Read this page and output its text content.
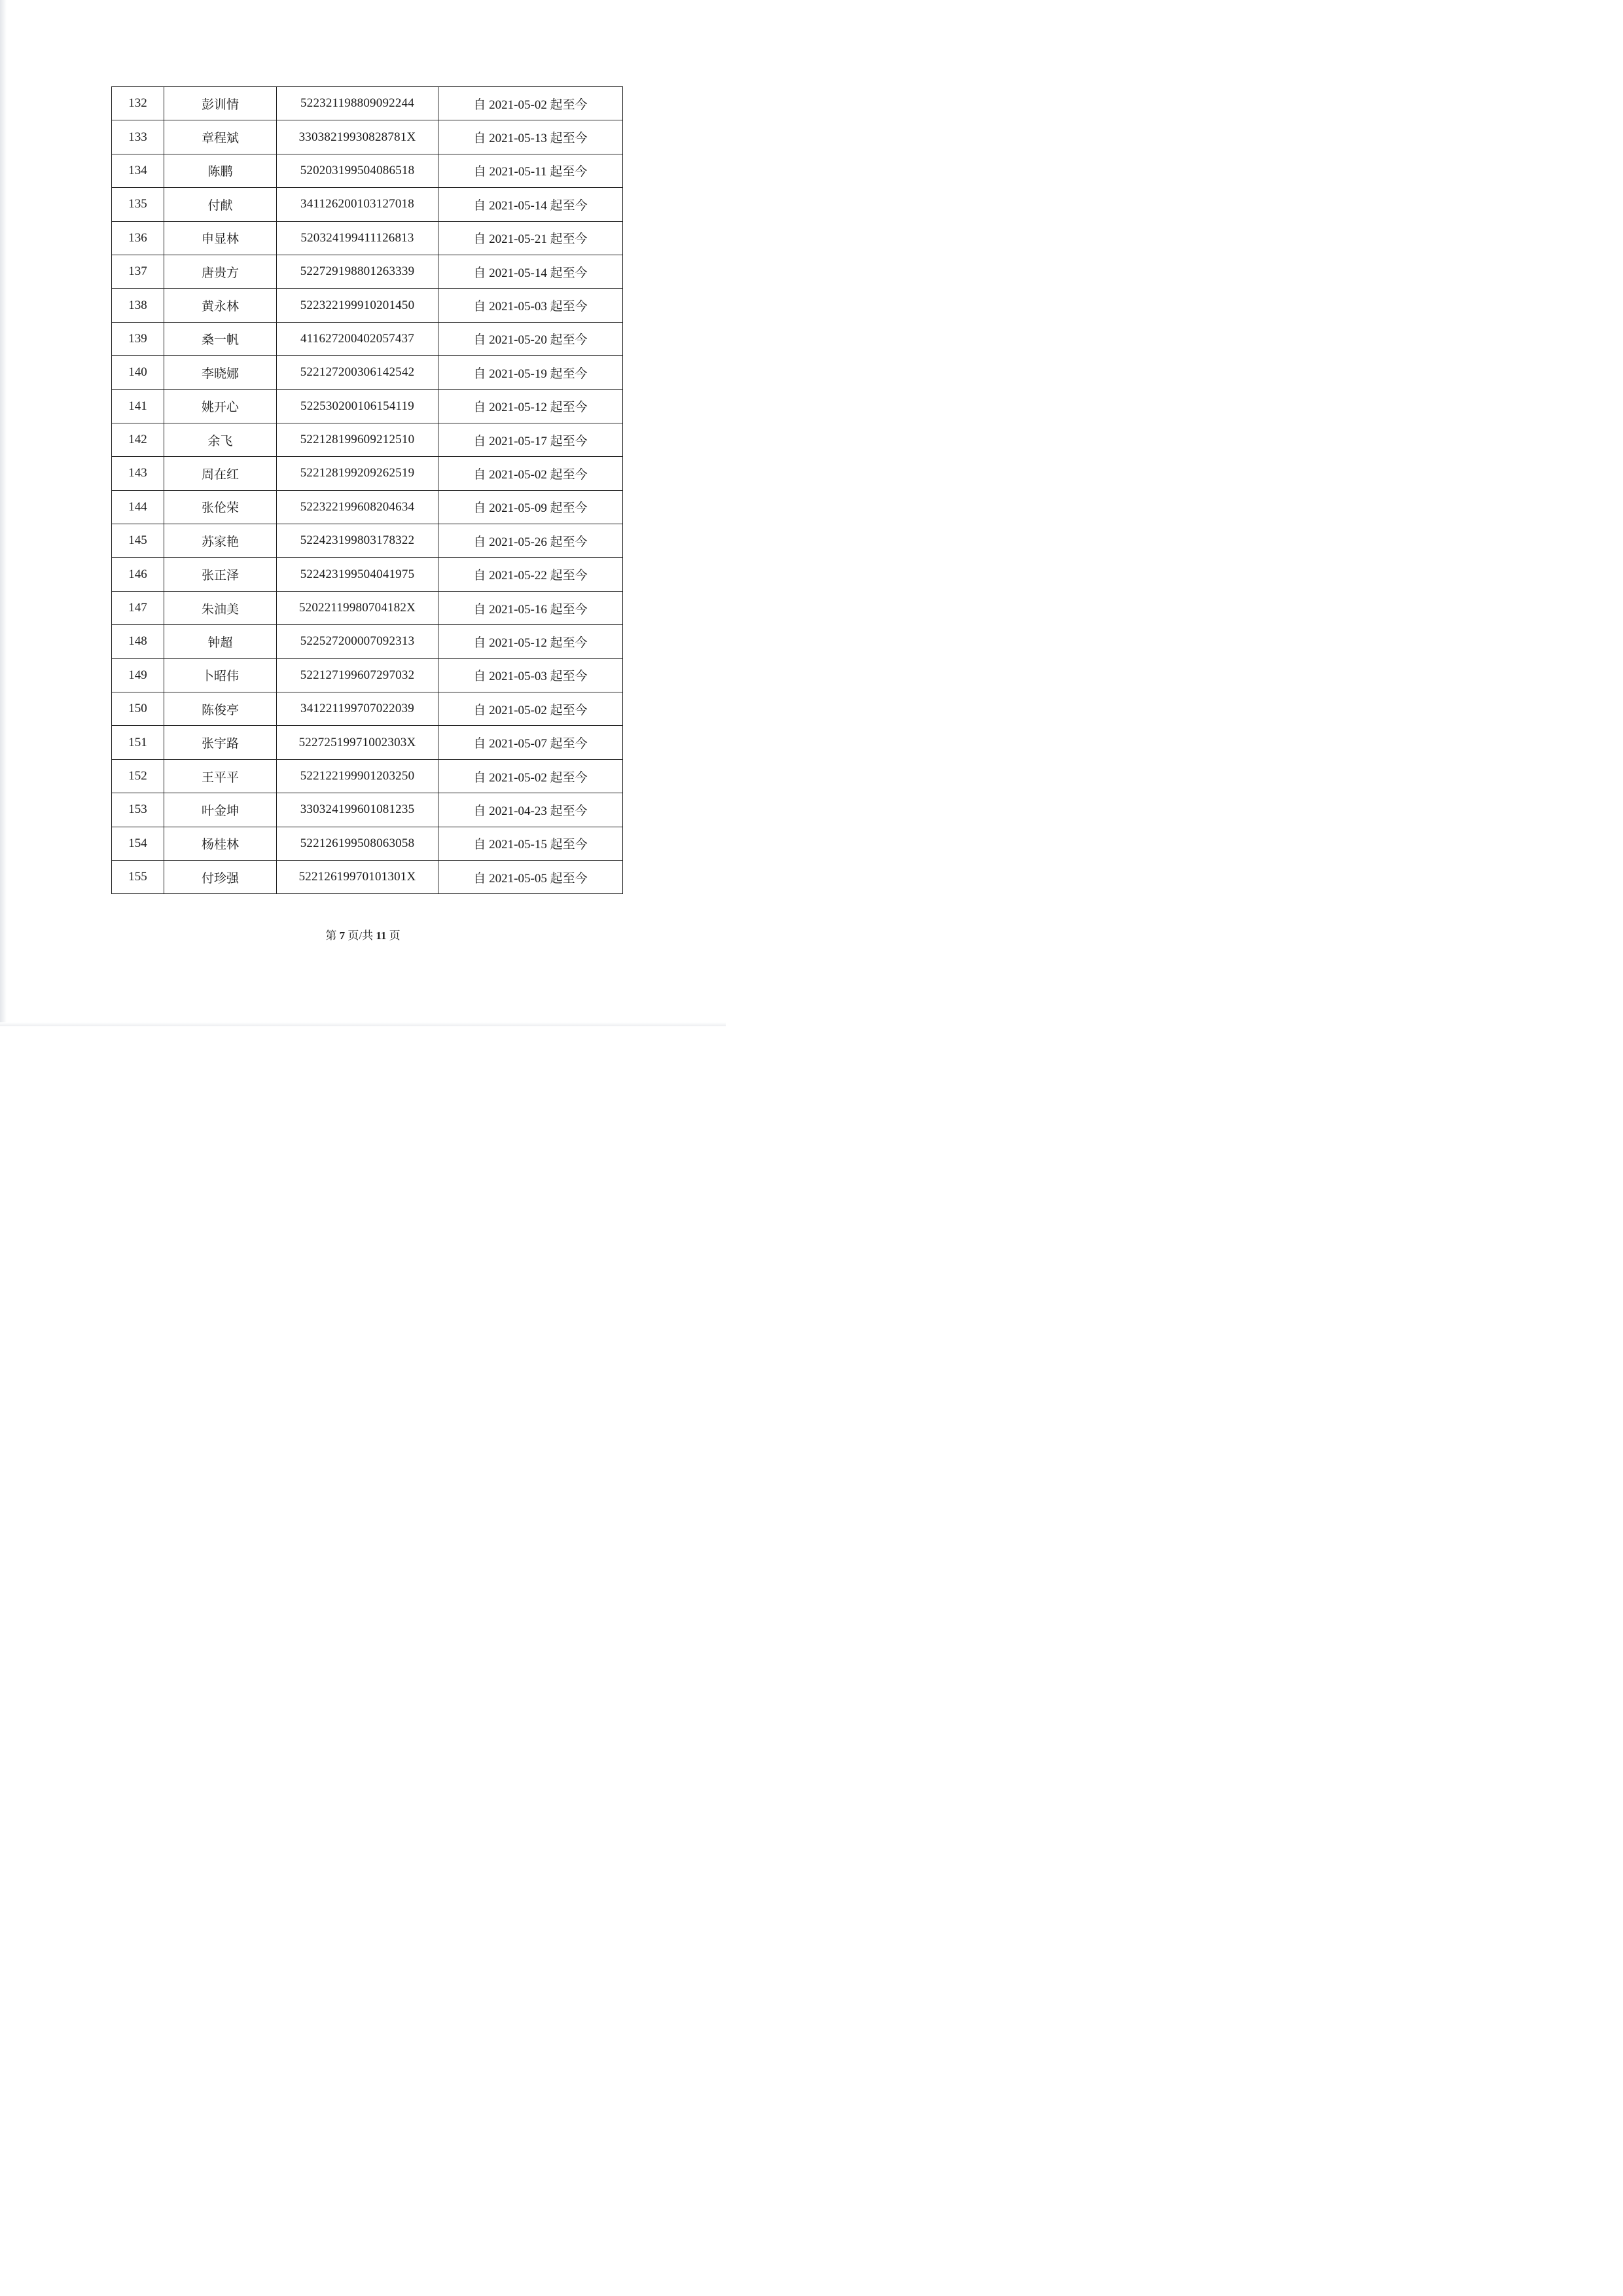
132	彭训情	522321198809092244	自 2021-05-02 起至今
133	章程斌	33038219930828781X	自 2021-05-13 起至今
134	陈鹏	520203199504086518	自 2021-05-11 起至今
135	付献	341126200103127018	自 2021-05-14 起至今
136	申显林	520324199411126813	自 2021-05-21 起至今
137	唐贵方	522729198801263339	自 2021-05-14 起至今
138	黄永林	522322199910201450	自 2021-05-03 起至今
139	桑一帆	411627200402057437	自 2021-05-20 起至今
140	李晓娜	522127200306142542	自 2021-05-19 起至今
141	姚开心	522530200106154119	自 2021-05-12 起至今
142	余飞	522128199609212510	自 2021-05-17 起至今
143	周在红	522128199209262519	自 2021-05-02 起至今
144	张伦荣	522322199608204634	自 2021-05-09 起至今
145	苏家艳	522423199803178322	自 2021-05-26 起至今
146	张正泽	522423199504041975	自 2021-05-22 起至今
147	朱油美	52022119980704182X	自 2021-05-16 起至今
148	钟超	522527200007092313	自 2021-05-12 起至今
149	卜昭伟	522127199607297032	自 2021-05-03 起至今
150	陈俊亭	341221199707022039	自 2021-05-02 起至今
151	张宇路	52272519971002303X	自 2021-05-07 起至今
152	王平平	522122199901203250	自 2021-05-02 起至今
153	叶金坤	330324199601081235	自 2021-04-23 起至今
154	杨桂林	522126199508063058	自 2021-05-15 起至今
155	付珍强	52212619970101301X	自 2021-05-05 起至今
第 7 页/共 11 页
